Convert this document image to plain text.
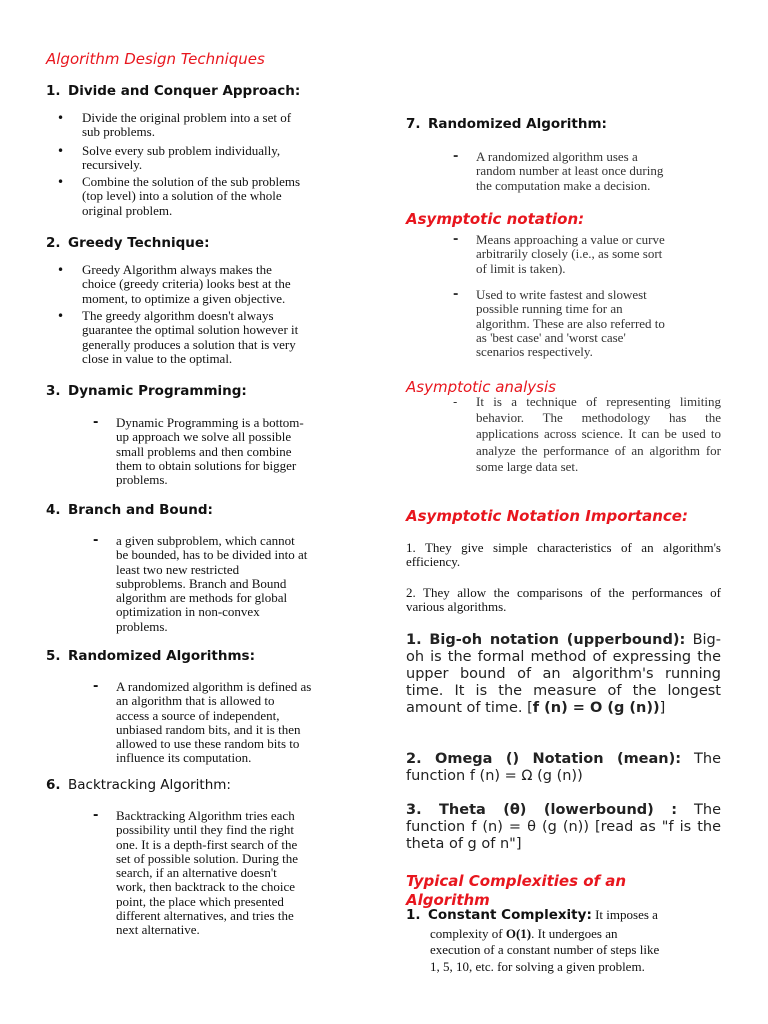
Algorithm Design Techniques

1. Divide and Conquer Approach:

• Divide the original problem into a set of
sub problems.
• Solve every sub problem individually,
recursively.
• Combine the solution of the sub problems
(top level) into a solution of the whole
original problem.

2. Greedy Technique:

• Greedy Algorithm always makes the
choice (greedy criteria) looks best at the
moment, to optimize a given objective.
• The greedy algorithm doesn't always
guarantee the optimal solution however it
generally produces a solution that is very
close in value to the optimal.

3. Dynamic Programming:

- Dynamic Programming is a bottom-
up approach we solve all possible
small problems and then combine
them to obtain solutions for bigger
problems.

4. Branch and Bound:

- a given subproblem, which cannot
be bounded, has to be divided into at
least two new restricted
subproblems. Branch and Bound
algorithm are methods for global
optimization in non-convex
problems.

5. Randomized Algorithms:

- A randomized algorithm is defined as
an algorithm that is allowed to
access a source of independent,
unbiased random bits, and it is then
allowed to use these random bits to
influence its computation.

6. Backtracking Algorithm:

- Backtracking Algorithm tries each
possibility until they find the right
one. It is a depth-first search of the
set of possible solution. During the
search, if an alternative doesn't
work, then backtrack to the choice
point, the place which presented
different alternatives, and tries the
next alternative.

7. Randomized Algorithm:

- A randomized algorithm uses a
random number at least once during
the computation make a decision.

Asymptotic notation:

- Means approaching a value or curve
arbitrarily closely (i.e., as some sort
of limit is taken).
- Used to write fastest and slowest
possible running time for an
algorithm. These are also referred to
as 'best case' and 'worst case'
scenarios respectively.

Asymptotic analysis

- It is a technique of representing limiting behavior. The methodology has the applications across science. It can be used to analyze the performance of an algorithm for some large data set.

Asymptotic Notation Importance:

1. They give simple characteristics of an algorithm's efficiency.

2. They allow the comparisons of the performances of various algorithms.

1. Big-oh notation (upperbound): Big-oh is the formal method of expressing the upper bound of an algorithm's running time. It is the measure of the longest amount of time. [f (n) = O (g (n))]

2. Omega () Notation (mean): The function f (n) = Ω (g (n))

3. Theta (θ) (lowerbound) : The function f (n) = θ (g (n)) [read as "f is the theta of g of n"]

Typical Complexities of an
Algorithm

1. Constant Complexity: It imposes a

complexity of O(1). It undergoes an
execution of a constant number of steps like
1, 5, 10, etc. for solving a given problem.
